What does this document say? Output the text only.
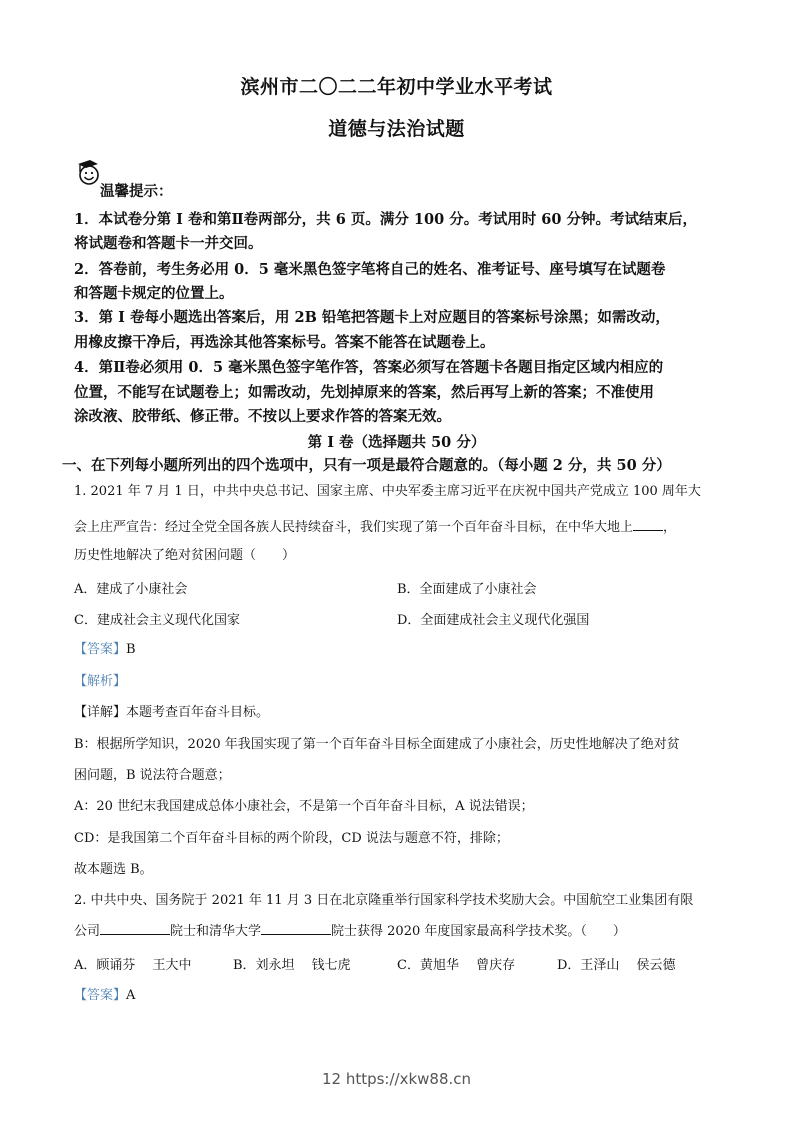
滨州市二〇二二年初中学业水平考试
道德与法治试题
温馨提示：
1．本试卷分第 I 卷和第Ⅱ卷两部分，共 6 页。满分 100 分。考试用时 60 分钟。考试结束后，
将试题卷和答题卡一并交回。
2．答卷前，考生务必用 0．5 毫米黑色签字笔将自己的姓名、准考证号、座号填写在试题卷
和答题卡规定的位置上。
3．第 I 卷每小题选出答案后，用 2B 铅笔把答题卡上对应题目的答案标号涂黑；如需改动，
用橡皮擦干净后，再选涂其他答案标号。答案不能答在试题卷上。
4．第Ⅱ卷必须用 0．5 毫米黑色签字笔作答，答案必须写在答题卡各题目指定区域内相应的
位置，不能写在试题卷上；如需改动，先划掉原来的答案，然后再写上新的答案；不准使用
涂改液、胶带纸、修正带。不按以上要求作答的答案无效。
第 I 卷（选择题共 50 分）
一、在下列每小题所列出的四个选项中，只有一项是最符合题意的。（每小题 2 分，共 50 分）
1. 2021 年 7 月 1 日，中共中央总书记、国家主席、中央军委主席习近平在庆祝中国共产党成立 100 周年大
会上庄严宣告：经过全党全国各族人民持续奋斗，我们实现了第一个百年奋斗目标，在中华大地上 ，
历史性地解决了绝对贫困问题（　　）
A．建成了小康社会	B．全面建成了小康社会
C．建成社会主义现代化国家	D．全面建成社会主义现代化强国
【答案】B
【解析】
【详解】本题考查百年奋斗目标。
B：根据所学知识，2020 年我国实现了第一个百年奋斗目标全面建成了小康社会，历史性地解决了绝对贫
困问题，B 说法符合题意；
A：20 世纪末我国建成总体小康社会，不是第一个百年奋斗目标，A 说法错误；
CD：是我国第二个百年奋斗目标的两个阶段，CD 说法与题意不符，排除；
故本题选 B。
2. 中共中央、国务院于 2021 年 11 月 3 日在北京隆重举行国家科学技术奖励大会。中国航空工业集团有限
公司	院士和清华大学	院士获得 2020 年度国家最高科学技术奖。（　　）
A．顾诵芬　 王大中	B．刘永坦　 钱七虎	C．黄旭华　 曾庆存	D．王泽山　 侯云德
【答案】A
12 https://xkw88.cn
